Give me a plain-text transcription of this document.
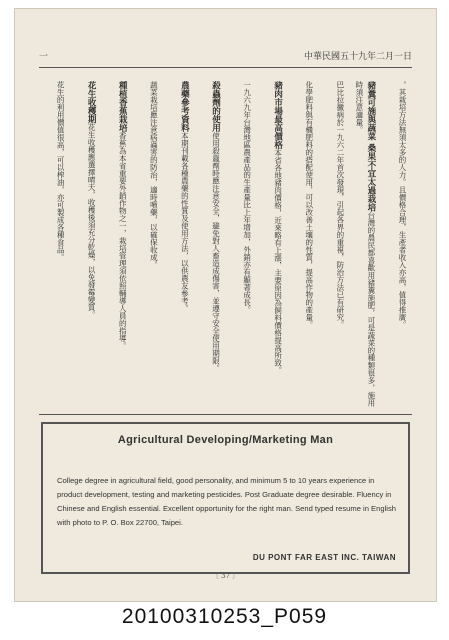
一	中華民國五十九年二月一日
，其栽培方法無須太多的人力。且價格合理，生產者收入亦高，值得推廣。
豬糞可施與蔬菜 桑果不宜太過栽培台灣的農民都喜歡用豬糞施肥，可是蔬菜的種類很多，施用時須注意適量。
巴比拉黴病於一九六二年首次發現，引起各界的重視，防治方法已有研究。
化學肥料與有機肥料的搭配使用，可以改善土壤的性質，提高作物的產量。
豬肉市場最高價格本省各地豬肉價格，近來略有上漲，主要原因為飼料價格提高所致。
一九六九年台灣地區農產品的生產量比上年增加，外銷亦有顯著成長。
殺蟲劑的使用使用殺蟲劑時應注意安全，避免對人畜造成傷害，並遵守安全使用期限。
農藥參考資料本期刊載各種農藥的性質及使用方法，以供農友參考。
蔬菜栽培應注意病蟲害的防治，適時噴藥，以確保收成。
種植香蕉栽培香蕉為本省重要外銷作物之一，栽培管理須依照輔導人員的指導。
花生收穫期花生收穫應選擇晴天，收穫後須充分乾燥，以免發霉變質。
花生的利用價值很高，可以榨油，亦可製成各種食品。
Agricultural Developing/Marketing Man
College degree in agricultural field, good personality, and minimum 5 to 10 years experience in product development, testing and marketing pesticides. Post Graduate degree desirable. Fluency in Chinese and English essential. Excellent opportunity for the right man. Send typed resume in English with photo to P. O. Box 22700, Taipei.
DU PONT FAR EAST INC. TAIWAN
〔 37 〕
20100310253_P059
